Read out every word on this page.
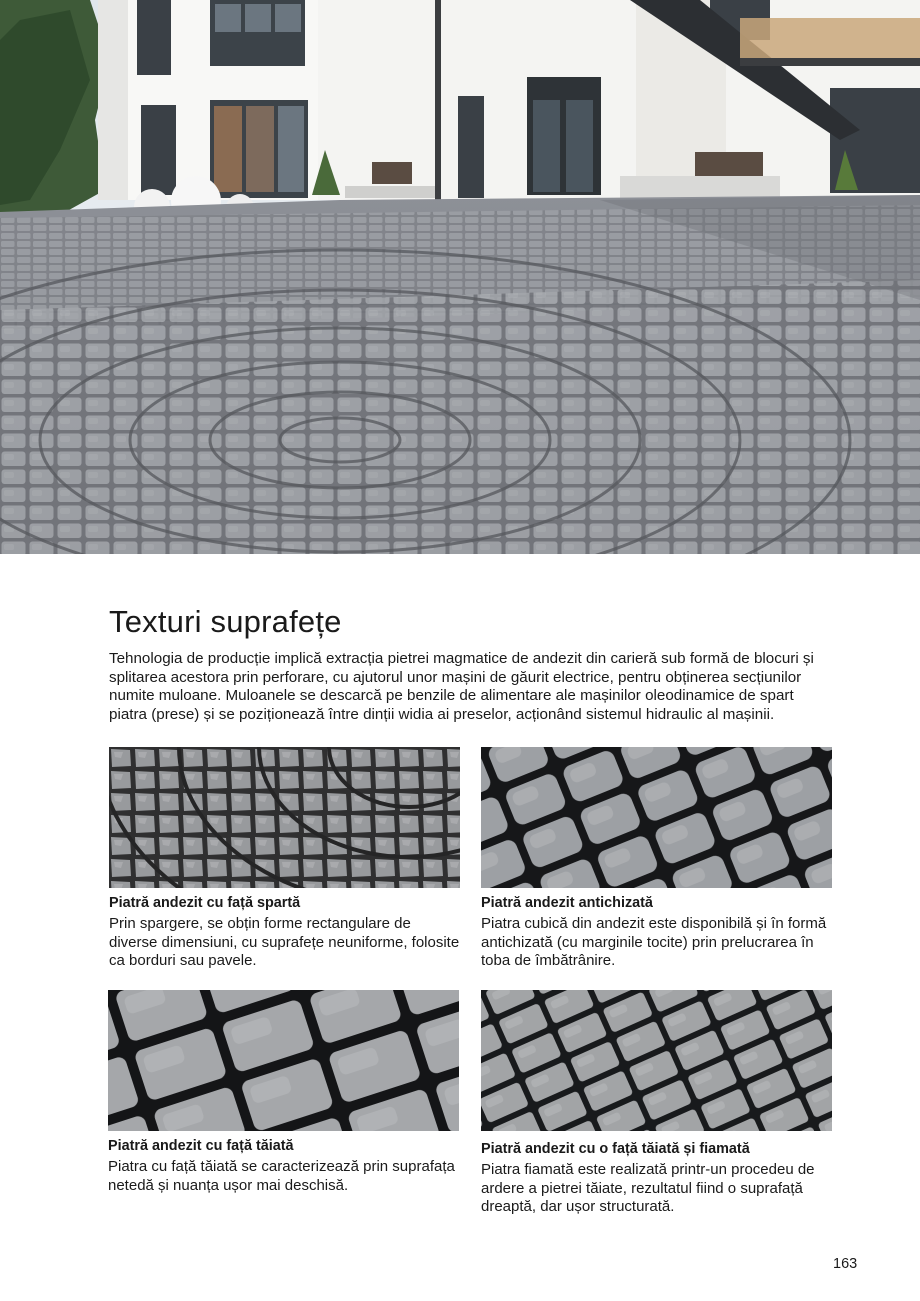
Texturi suprafețe

Tehnologia de producție implică extracția pietrei magmatice de andezit din carieră sub formă de blocuri și splitarea acestora prin perforare, cu ajutorul unor mașini de găurit electrice, pentru obținerea secțiunilor numite muloane. Muloanele se descarcă pe benzile de alimentare ale mașinilor oleodinamice de spart piatra (prese) și se poziționează între dinții widia ai preselor, acționând sistemul hidraulic al mașinii.

Piatră andezit cu față spartă

Prin spargere, se obțin forme rectangulare de diverse dimensiuni, cu suprafețe neuniforme, folosite ca borduri sau pavele.

Piatră andezit antichizată

Piatra cubică din andezit este disponibilă și în formă antichizată (cu marginile tocite) prin prelucrarea în toba de îmbătrânire.

Piatră andezit cu față tăiată

Piatra cu față tăiată se caracterizează prin suprafața netedă și nuanța ușor mai deschisă.

Piatră andezit cu o față tăiată și fiamată

Piatra fiamată este realizată printr-un procedeu de ardere a pietrei tăiate, rezultatul fiind o suprafață dreaptă, dar ușor structurată.

163
